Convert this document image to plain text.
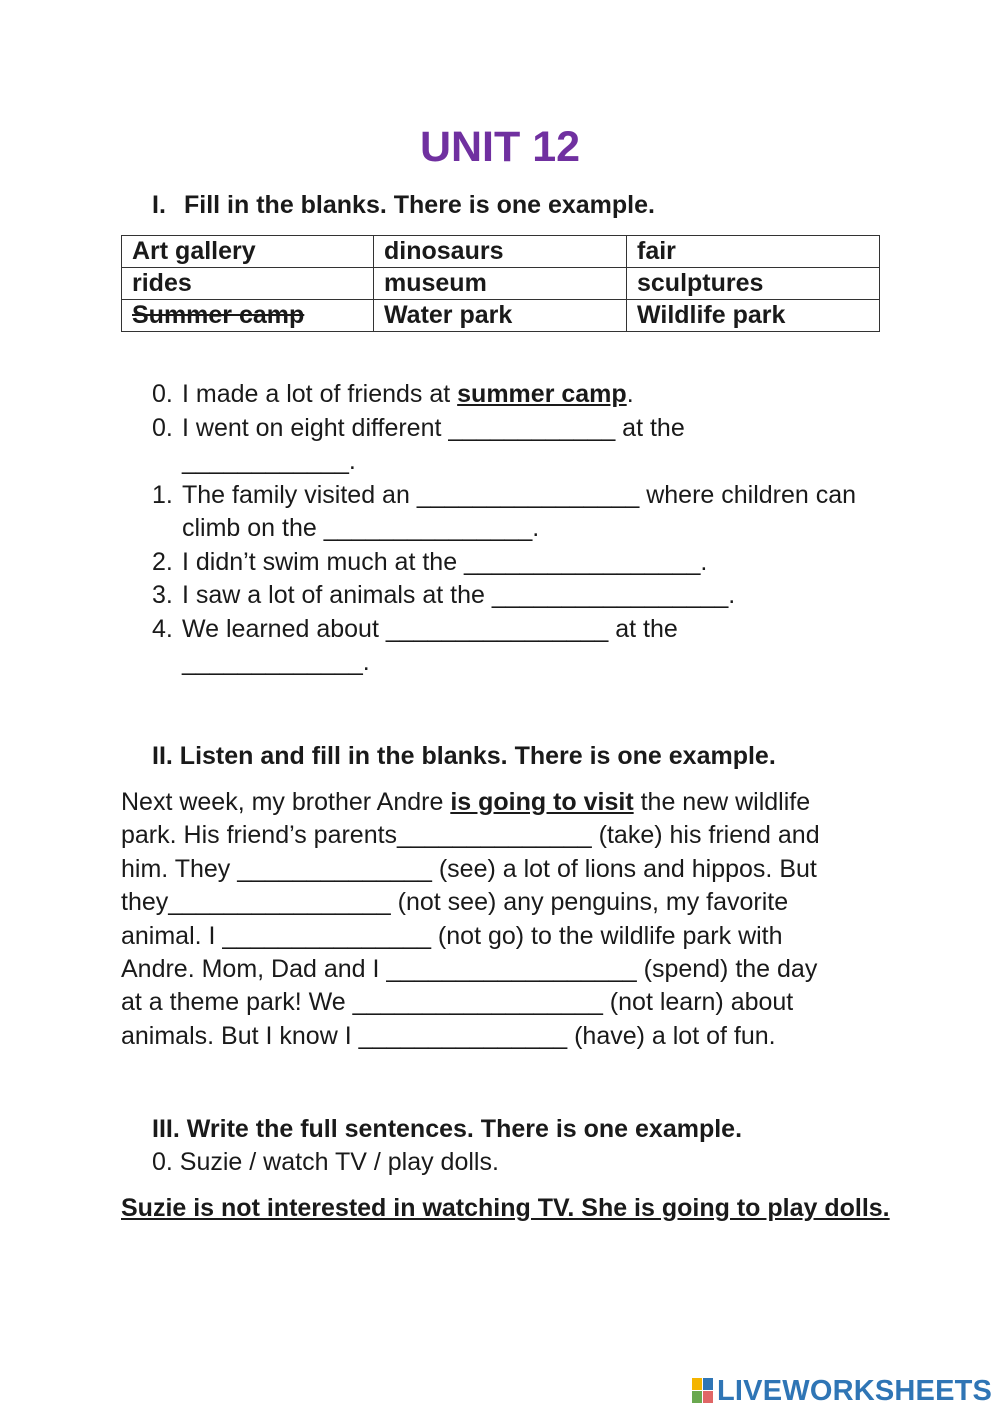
UNIT 12
I. Fill in the blanks. There is one example.
Art gallery	dinosaurs	fair
rides	museum	sculptures
Summer camp	Water park	Wildlife park
0. I made a lot of friends at summer camp.
0. I went on eight different ____________ at the ____________.
1. The family visited an ________________ where children can climb on the _______________.
2. I didn’t swim much at the _________________.
3. I saw a lot of animals at the _________________.
4. We learned about ________________ at the _____________.
II. Listen and fill in the blanks. There is one example.
Next week, my brother Andre is going to visit the new wildlife
park. His friend’s parents______________ (take) his friend and
him. They ______________ (see) a lot of lions and hippos. But
they________________ (not see) any penguins, my favorite
animal. I _______________ (not go) to the wildlife park with
Andre. Mom, Dad and I __________________ (spend) the day
at a theme park! We __________________ (not learn) about
animals. But I know I _______________ (have) a lot of fun.
III. Write the full sentences. There is one example.
0. Suzie / watch TV / play dolls.
Suzie is not interested in watching TV. She is going to play dolls.
LIVEWORKSHEETS
